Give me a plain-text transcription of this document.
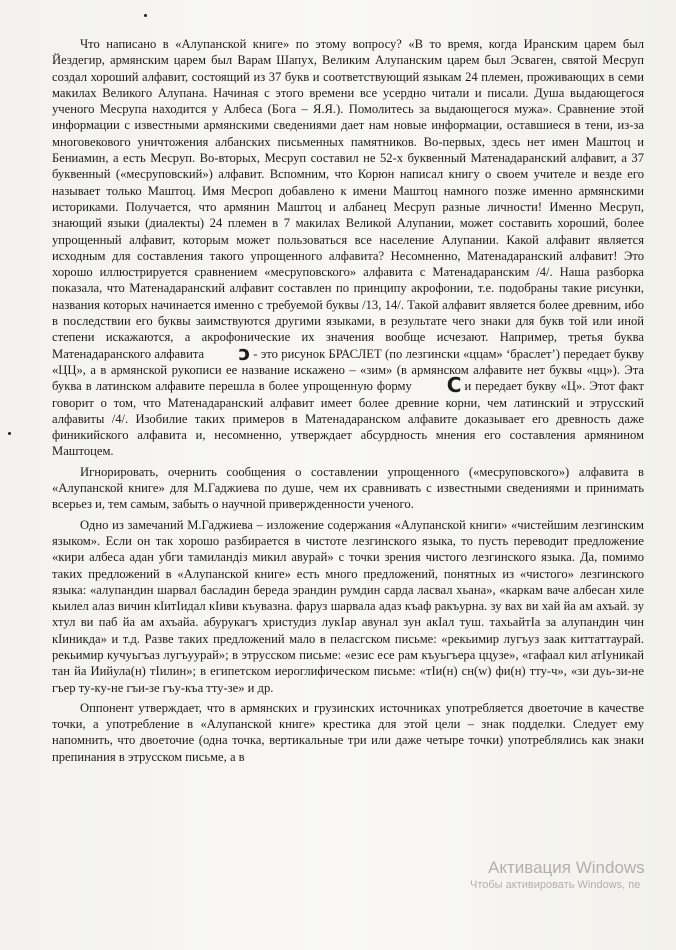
Что написано в «Алупанской книге» по этому вопросу? «В то время, когда Иранским царем был Йездегир, армянским царем был Варам Шапух, Великим Алупанским царем был Эсваген, святой Месруп создал хороший алфавит, состоящий из 37 букв и соответствующий языкам 24 племен, проживающих в семи макилах Великого Алупана. Начиная с этого времени все усердно читали и писали. Душа выдающегося ученого Месрупа находится у Албеса (Бога – Я.Я.). Помолитесь за выдающегося мужа». Сравнение этой информации с известными армянскими сведениями дает нам новые информации, оставшиеся в тени, из-за многовекового уничтожения албанских письменных памятников. Во-первых, здесь нет имен Маштоц и Бениамин, а есть Месруп. Во-вторых, Месруп составил не 52-х буквенный Матенадаранский алфавит, а 37 буквенный («месруповский») алфавит. Вспомним, что Корюн написал книгу о своем учителе и везде его называет только Маштоц. Имя Месроп добавлено к имени Маштоц намного позже именно армянскими историками. Получается, что армянин Маштоц и албанец Месруп разные личности! Именно Месруп, знающий языки (диалекты) 24 племен в 7 макилах Великой Алупании, может составить хороший, более упрощенный алфавит, которым может пользоваться все население Алупании. Какой алфавит является исходным для составления такого упрощенного алфавита? Несомненно, Матенадаранский алфавит! Это хорошо иллюстрируется сравнением «месруповского» алфавита с Матенадаранским /4/. Наша разборка показала, что Матенадаранский алфавит составлен по принципу акрофонии, т.е. подобраны такие рисунки, названия которых начинается именно с требуемой буквы /13, 14/. Такой алфавит является более древним, ибо в последствии его буквы заимствуются другими языками, в результате чего знаки для букв той или иной степени искажаются, а акрофонические их значения вообще исчезают. Например, третья буква Матенадаранского алфавита ↄ - это рисунок БРАСЛЕТ (по лезгински «ццам» ‘браслет’) передает букву «ЦЦ», а в армянской рукописи ее название искажено – «зим» (в армянском алфавите нет буквы «цц»). Эта буква в латинском алфавите перешла в более упрощенную форму C и передает букву «Ц». Этот факт говорит о том, что Матенадаранский алфавит имеет более древние корни, чем латинский и этрусский алфавиты /4/. Изобилие таких примеров в Матенадаранском алфавите доказывает его древность даже финикийского алфавита и, несомненно, утверждает абсурдность мнения его составления армянином Маштоцем.

Игнорировать, очернить сообщения о составлении упрощенного («месруповского») алфавита в «Алупанской книге» для М.Гаджиева по душе, чем их сравнивать с известными сведениями и принимать всерьез и, тем самым, забыть о научной привержденности ученого.

Одно из замечаний М.Гаджиева – изложение содержания «Алупанской книги» «чистейшим лезгинским языком». Если он так хорошо разбирается в чистоте лезгинского языка, то пусть переводит предложение «кири албеса адан убги тамиландiз микил авурай» с точки зрения чистого лезгинского языка. Да, помимо таких предложений в «Алупанской книге» есть много предложений, понятных из «чистого» лезгинского языка: «алупандин шарвал басладин береда эрандин румдин сарда ласвал хьана», «каркам ваче албесан хиле кьилел алаз вичин кIитIидал кIиви къувазна. фаруз шарвала адаз къаф ракъурна. зу вах ви хай йа ам ахъай. зу хтул ви паб йа ам ахъайа. абурукагъ христудиз лукIар авунал зун акIал туш. тахьайтIа за алупандин чин кIиникда» и т.д. Разве таких предложений мало в пеласгском письме: «рекьимир лугъуз заак киттаттаурай. рекьимир кучуьгъаз лугъуурай»; в этрусском письме: «езис есе рам къуьгъера ццузе», «гафаал кил атIуникай тан йа Иийула(н) тIилин»; в египетском иероглифическом письме: «тIи(н) сн(w) фи(н) тту-ч», «зи дуь-зи-не гъер ту-ку-не гъи-зе гъу-къа тту-зе» и др.

Оппонент утверждает, что в армянских и грузинских источниках употребляется двоеточие в качестве точки, а употребление в «Алупанской книге» крестика для этой цели – знак подделки. Следует ему напомнить, что двоеточие (одна точка, вертикальные три или даже четыре точки) употреблялись как знаки препинания в этрусском письме, а в

Активация Windows
Чтобы активировать Windows, пе
